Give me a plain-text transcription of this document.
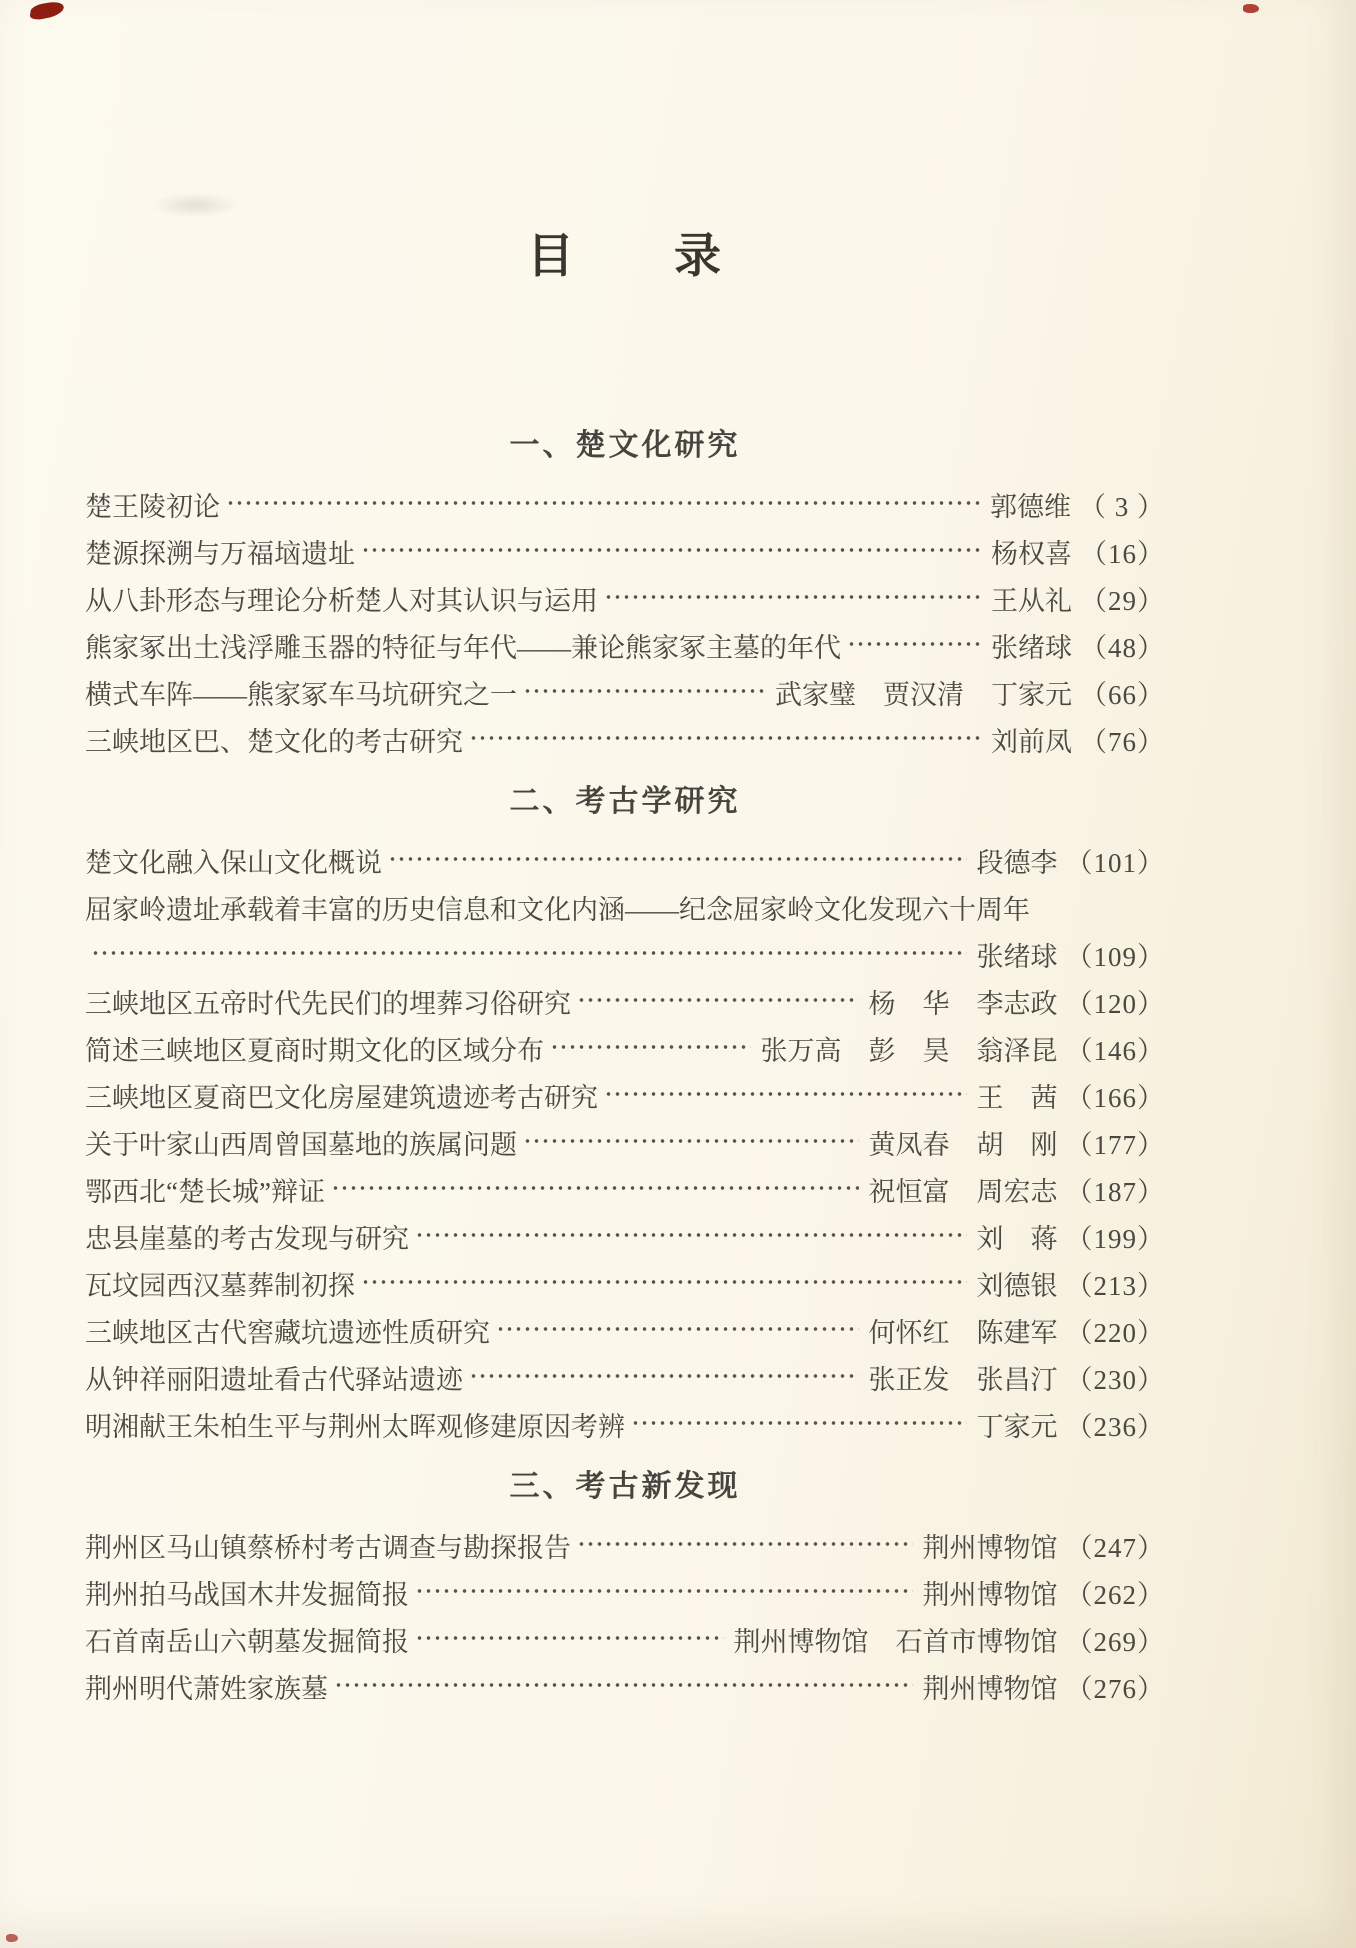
目　　录
一、楚文化研究
楚王陵初论	郭德维 （ 3 ）
楚源探溯与万福垴遗址	杨权喜 （16）
从八卦形态与理论分析楚人对其认识与运用	王从礼 （29）
熊家冢出土浅浮雕玉器的特征与年代——兼论熊家冢主墓的年代	张绪球 （48）
横式车阵——熊家冢车马坑研究之一	武家璧　贾汉清　丁家元 （66）
三峡地区巴、楚文化的考古研究	刘前凤 （76）
二、考古学研究
楚文化融入保山文化概说	段德李 （101）
屈家岭遗址承载着丰富的历史信息和文化内涵——纪念屈家岭文化发现六十周年
张绪球 （109）
三峡地区五帝时代先民们的埋葬习俗研究	杨　华　李志政 （120）
简述三峡地区夏商时期文化的区域分布	张万高　彭　昊　翁泽昆 （146）
三峡地区夏商巴文化房屋建筑遗迹考古研究	王　茜 （166）
关于叶家山西周曾国墓地的族属问题	黄凤春　胡　刚 （177）
鄂西北“楚长城”辩证	祝恒富　周宏志 （187）
忠县崖墓的考古发现与研究	刘　蒋 （199）
瓦坟园西汉墓葬制初探	刘德银 （213）
三峡地区古代窖藏坑遗迹性质研究	何怀红　陈建军 （220）
从钟祥丽阳遗址看古代驿站遗迹	张正发　张昌汀 （230）
明湘献王朱柏生平与荆州太晖观修建原因考辨	丁家元 （236）
三、考古新发现
荆州区马山镇蔡桥村考古调查与勘探报告	荆州博物馆 （247）
荆州拍马战国木井发掘简报	荆州博物馆 （262）
石首南岳山六朝墓发掘简报	荆州博物馆　石首市博物馆 （269）
荆州明代萧姓家族墓	荆州博物馆 （276）
